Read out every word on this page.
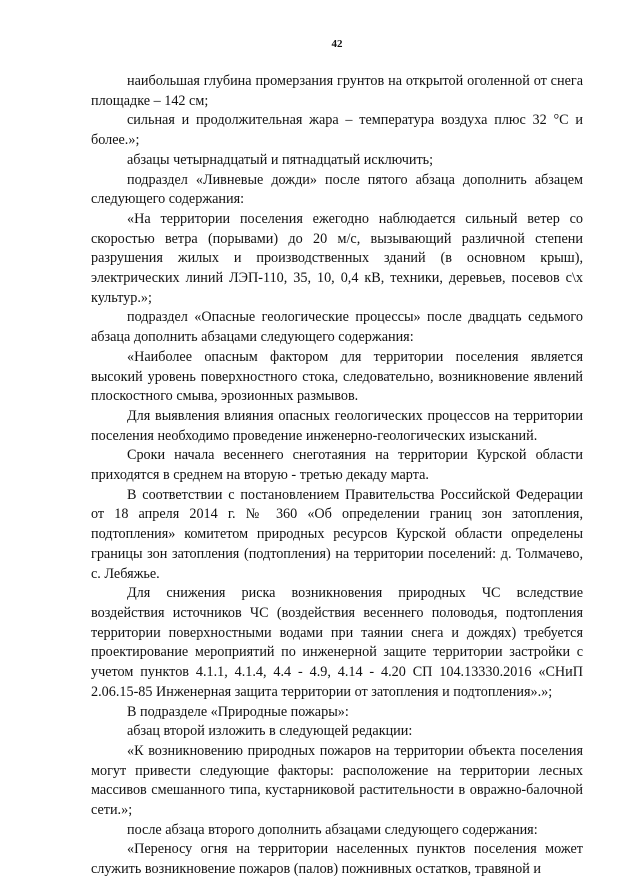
42

наибольшая глубина промерзания грунтов на открытой оголенной от снега площадке – 142 см;

сильная и продолжительная жара – температура воздуха плюс 32 °С и более.»;

абзацы четырнадцатый и пятнадцатый исключить;

подраздел «Ливневые дожди» после пятого абзаца дополнить абзацем следующего содержания:

«На территории поселения ежегодно наблюдается сильный ветер со скоростью ветра (порывами) до 20 м/с, вызывающий различной степени разрушения жилых и производственных зданий (в основном крыш), электрических линий ЛЭП-110, 35, 10, 0,4 кВ, техники, деревьев, посевов с\х культур.»;

подраздел «Опасные геологические процессы» после двадцать седьмого абзаца дополнить абзацами следующего содержания:

«Наиболее опасным фактором для территории поселения является высокий уровень поверхностного стока, следовательно, возникновение явлений плоскостного смыва, эрозионных размывов.

Для выявления влияния опасных геологических процессов на территории поселения необходимо проведение инженерно-геологических изысканий.

Сроки начала весеннего снеготаяния на территории Курской области приходятся в среднем на вторую - третью декаду марта.

В соответствии с постановлением Правительства Российской Федерации от 18 апреля 2014 г. № 360 «Об определении границ зон затопления, подтопления» комитетом природных ресурсов Курской области определены границы зон затопления (подтопления) на территории поселений: д. Толмачево, с. Лебяжье.

Для снижения риска возникновения природных ЧС вследствие воздействия источников ЧС (воздействия весеннего половодья, подтопления территории поверхностными водами при таянии снега и дождях) требуется проектирование мероприятий по инженерной защите территории застройки с учетом пунктов 4.1.1, 4.1.4, 4.4 - 4.9, 4.14 - 4.20 СП 104.13330.2016 «СНиП 2.06.15-85 Инженерная защита территории от затопления и подтопления».»;

В подразделе «Природные пожары»:

абзац второй изложить в следующей редакции:

«К возникновению природных пожаров на территории объекта поселения могут привести следующие факторы: расположение на территории лесных массивов смешанного типа, кустарниковой растительности в овражно-балочной сети.»;

после абзаца второго дополнить абзацами следующего содержания:

«Переносу огня на территории населенных пунктов поселения может служить возникновение пожаров (палов) пожнивных остатков, травяной и
